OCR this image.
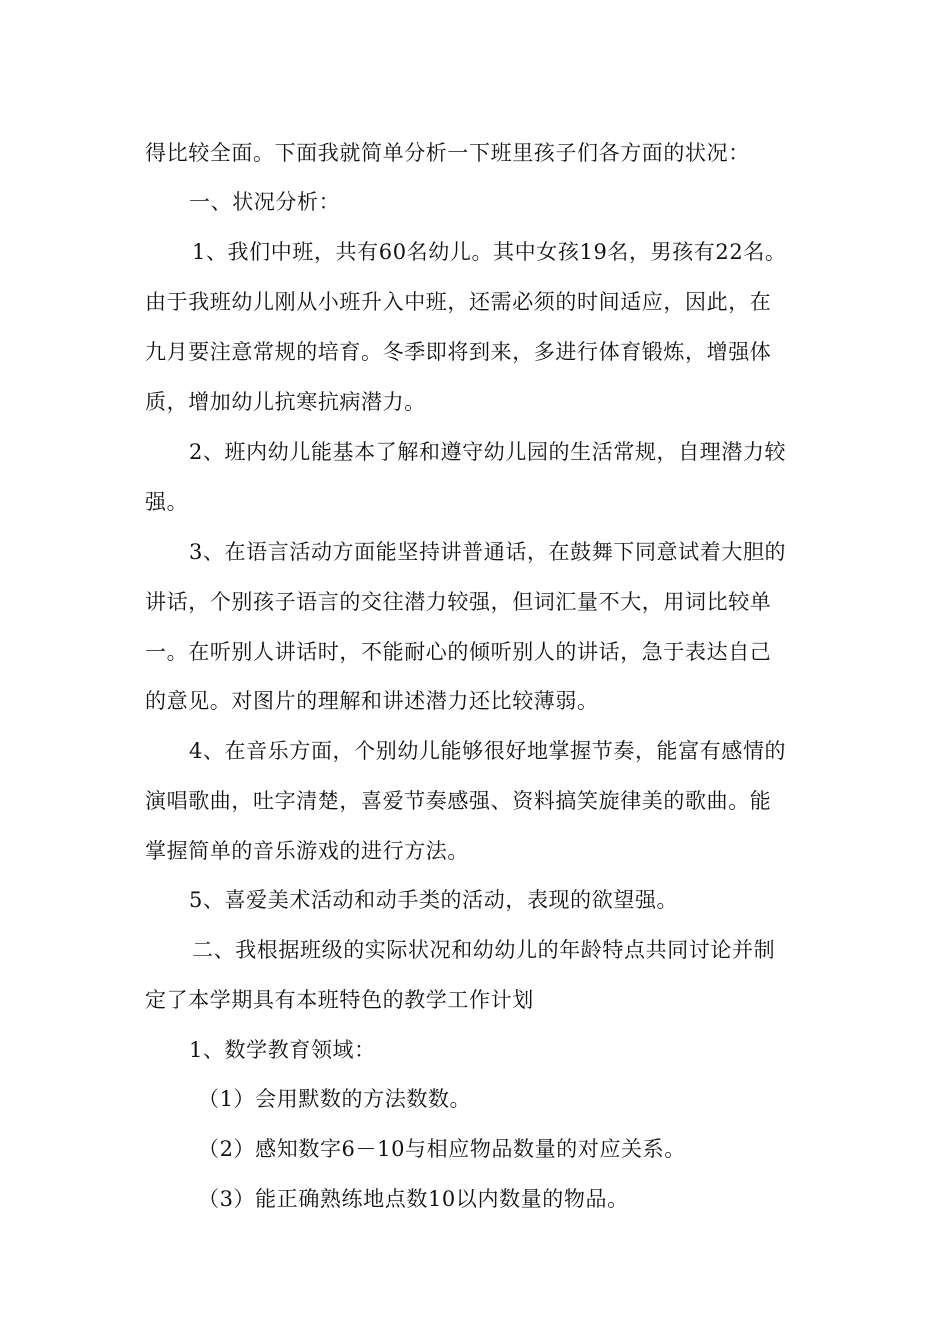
得比较全面。下面我就简单分析一下班里孩子们各方面的状况：

一、状况分析：

1、我们中班，共有60名幼儿。其中女孩19名，男孩有22名。

由于我班幼儿刚从小班升入中班，还需必须的时间适应，因此，在

九月要注意常规的培育。冬季即将到来，多进行体育锻炼，增强体

质，增加幼儿抗寒抗病潜力。

2、班内幼儿能基本了解和遵守幼儿园的生活常规，自理潜力较

强。

3、在语言活动方面能坚持讲普通话，在鼓舞下同意试着大胆的

讲话，个别孩子语言的交往潜力较强，但词汇量不大，用词比较单

一。在听别人讲话时，不能耐心的倾听别人的讲话，急于表达自己

的意见。对图片的理解和讲述潜力还比较薄弱。

4、在音乐方面，个别幼儿能够很好地掌握节奏，能富有感情的

演唱歌曲，吐字清楚，喜爱节奏感强、资料搞笑旋律美的歌曲。能

掌握简单的音乐游戏的进行方法。

5、喜爱美术活动和动手类的活动，表现的欲望强。

二、我根据班级的实际状况和幼幼儿的年龄特点共同讨论并制

定了本学期具有本班特色的教学工作计划

1、数学教育领域：

（1）会用默数的方法数数。

（2）感知数字6－10与相应物品数量的对应关系。

（3）能正确熟练地点数10以内数量的物品。
